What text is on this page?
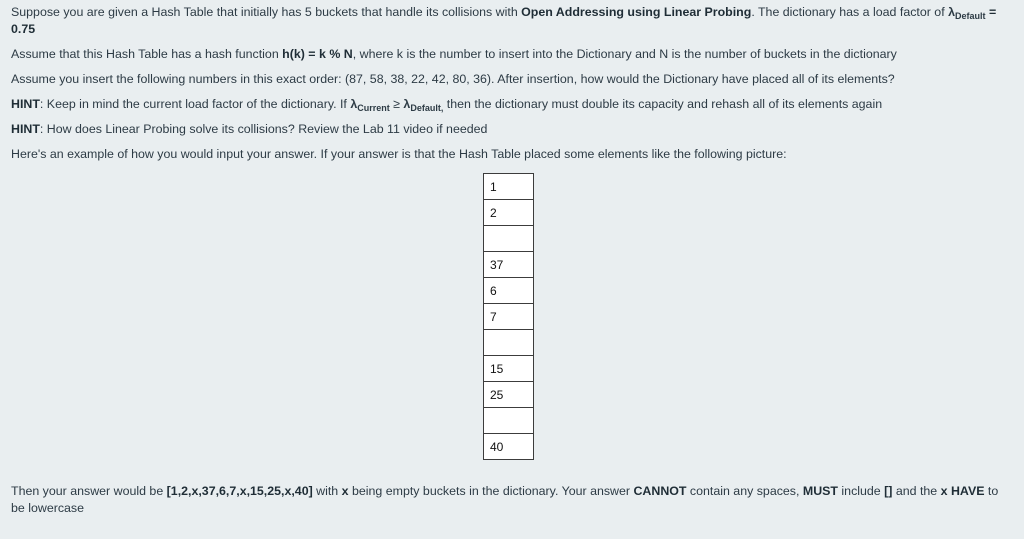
Suppose you are given a Hash Table that initially has 5 buckets that handle its collisions with Open Addressing using Linear Probing. The dictionary has a load factor of $\lambda_{Default} = 0.75$

Assume that this Hash Table has a hash function h(k) = k % N, where k is the number to insert into the Dictionary and N is the number of buckets in the dictionary

Assume you insert the following numbers in this exact order: (87, 58, 38, 22, 42, 80, 36). After insertion, how would the Dictionary have placed all of its elements?

HINT: Keep in mind the current load factor of the dictionary. If $\lambda_{Current} \ge \lambda_{Default,}$ then the dictionary must double its capacity and rehash all of its elements again

HINT: How does Linear Probing solve its collisions? Review the Lab 11 video if needed

Here's an example of how you would input your answer. If your answer is that the Hash Table placed some elements like the following picture:

1
2

37
6
7

15
25

40

Then your answer would be [1,2,x,37,6,7,x,15,25,x,40] with x being empty buckets in the dictionary. Your answer CANNOT contain any spaces, MUST include [] and the x HAVE to be lowercase
